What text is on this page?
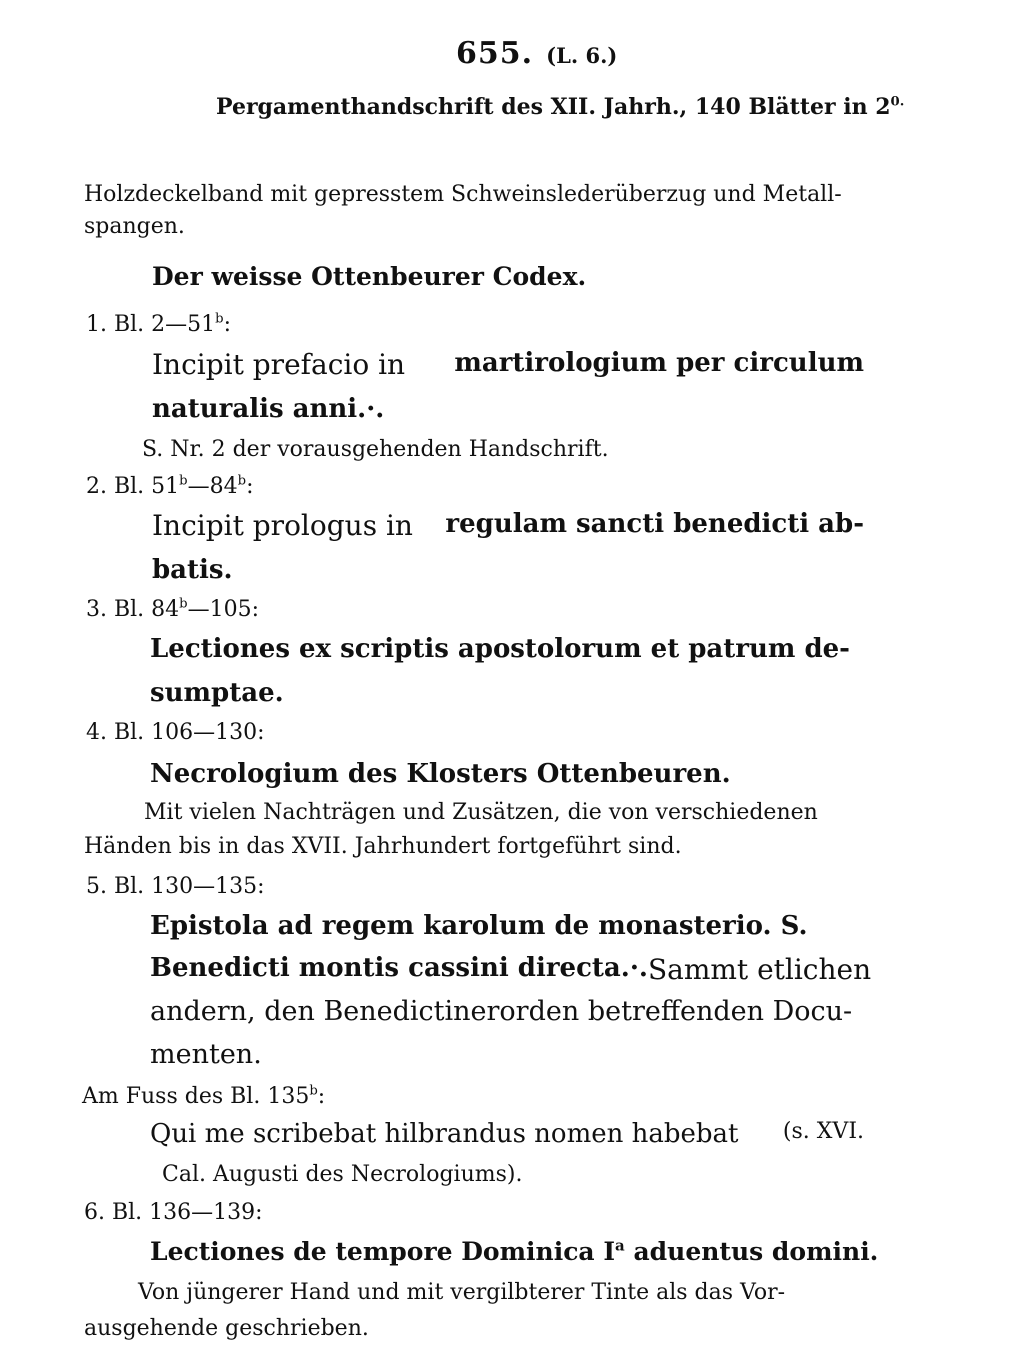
655. (L. 6.)
Pergamenthandschrift des XII. Jahrh., 140 Blätter in $2^{0.}$
Holzdeckelband mit gepresstem Schweinslederüberzug und Metall-
spangen.
Der weisse Ottenbeurer Codex.
1. Bl. 2—51$^b$:
Incipit prefacio in martirologium per circulum
naturalis anni.·.
S. Nr. 2 der vorausgehenden Handschrift.
2. Bl. 51$^b$—84$^b$:
Incipit prologus in regulam sancti benedicti ab-
batis.
3. Bl. 84$^b$—105:
Lectiones ex scriptis apostolorum et patrum de-
sumptae.
4. Bl. 106—130:
Necrologium des Klosters Ottenbeuren.
Mit vielen Nachträgen und Zusätzen, die von verschiedenen
Händen bis in das XVII. Jahrhundert fortgeführt sind.
5. Bl. 130—135:
Epistola ad regem karolum de monasterio. S.
Benedicti montis cassini directa.·. Sammt etlichen
andern, den Benedictinerorden betreffenden Docu-
menten.
Am Fuss des Bl. 135$^b$:
Qui me scribebat hilbrandus nomen habebat (s. XVI.
Cal. Augusti des Necrologiums).
6. Bl. 136—139:
Lectiones de tempore Dominica $I^a$ aduentus domini.
Von jüngerer Hand und mit vergilbterer Tinte als das Vor-
ausgehende geschrieben.
